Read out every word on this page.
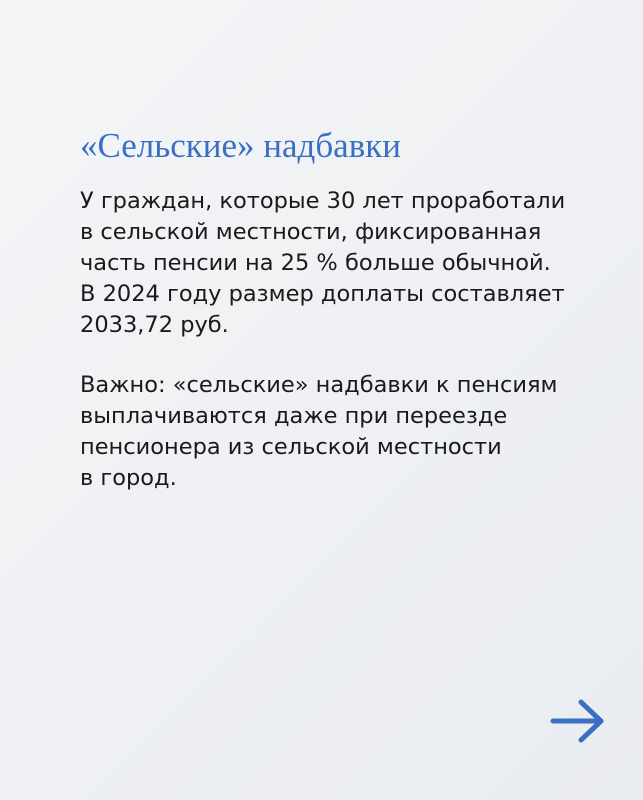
«Сельские» надбавки

У граждан, которые 30 лет проработали
в сельской местности, фиксированная
часть пенсии на 25 % больше обычной.
В 2024 году размер доплаты составляет
2033,72 руб.

Важно: «сельские» надбавки к пенсиям
выплачиваются даже при переезде
пенсионера из сельской местности
в город.
